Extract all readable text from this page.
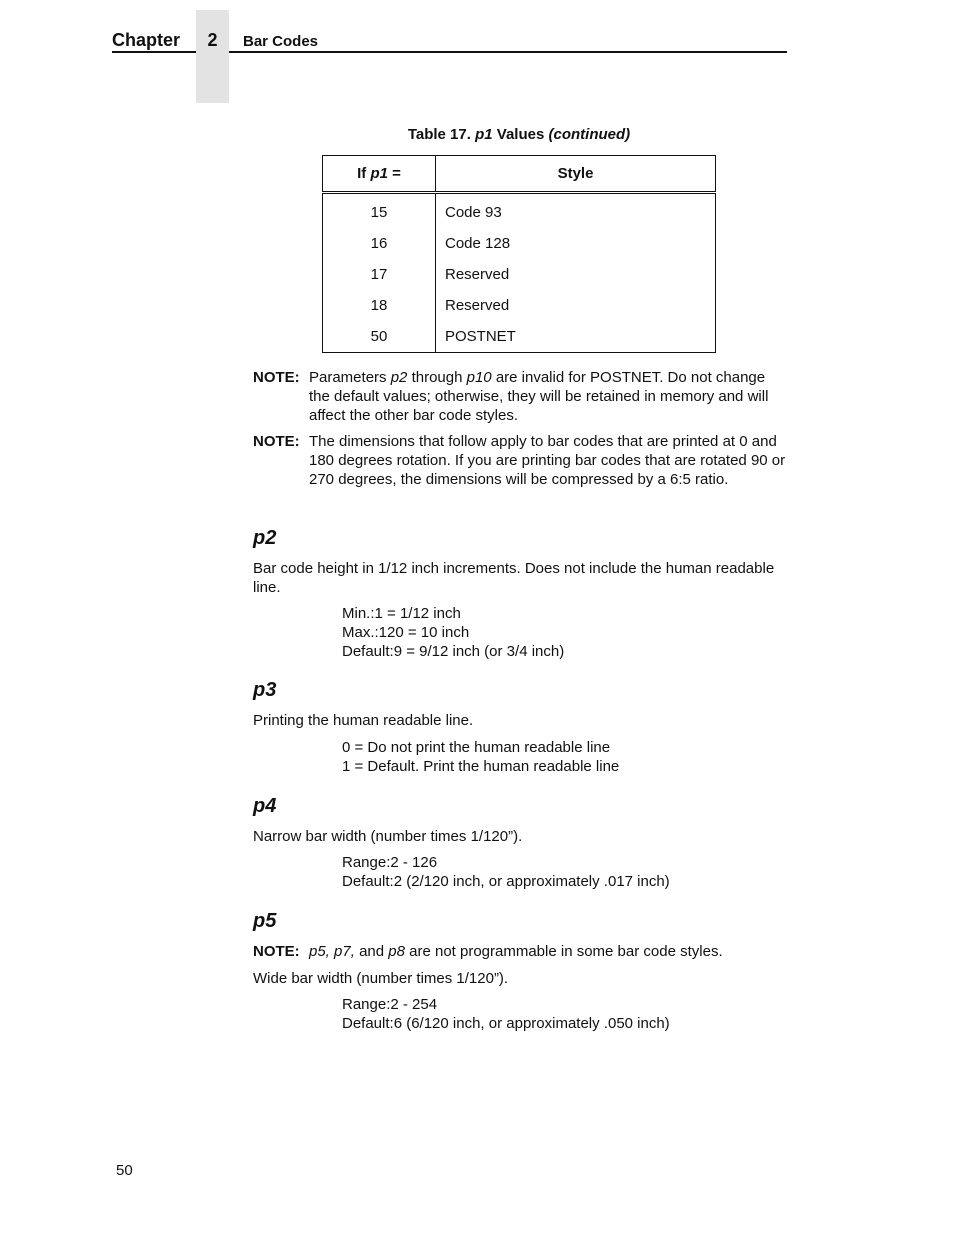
Chapter	2	Bar Codes
Table 17. p1 Values (continued)
If p1 =	Style
15	Code 93
16	Code 128
17	Reserved
18	Reserved
50	POSTNET
NOTE: Parameters p2 through p10 are invalid for POSTNET. Do not change the default values; otherwise, they will be retained in memory and will affect the other bar code styles.
NOTE: The dimensions that follow apply to bar codes that are printed at 0 and 180 degrees rotation. If you are printing bar codes that are rotated 90 or 270 degrees, the dimensions will be compressed by a 6:5 ratio.
p2
Bar code height in 1/12 inch increments. Does not include the human readable line.
Min.:1 = 1/12 inch
Max.:120 = 10 inch
Default:9 = 9/12 inch (or 3/4 inch)
p3
Printing the human readable line.
0 = Do not print the human readable line
1 = Default. Print the human readable line
p4
Narrow bar width (number times 1/120”).
Range:2 - 126
Default:2 (2/120 inch, or approximately .017 inch)
p5
NOTE: p5, p7, and p8 are not programmable in some bar code styles.
Wide bar width (number times 1/120”).
Range:2 - 254
Default:6 (6/120 inch, or approximately .050 inch)
50
